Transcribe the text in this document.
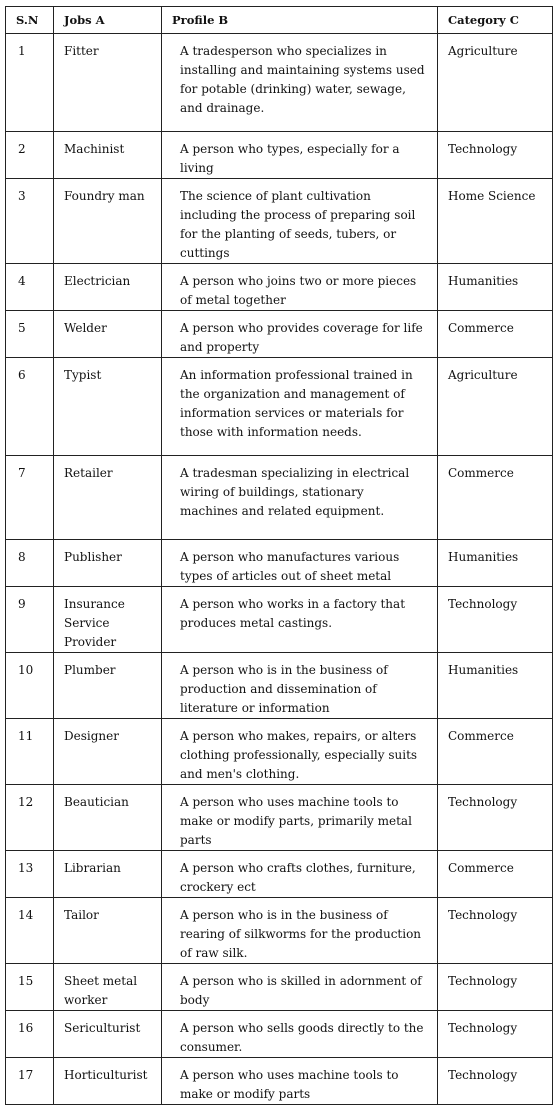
S.N	Jobs A	Profile B	Category C
1	Fitter	A tradesperson who specializes in installing and maintaining systems used for potable (drinking) water, sewage, and drainage.	Agriculture
2	Machinist	A person who types, especially for a living	Technology
3	Foundry man	The science of plant cultivation including the process of preparing soil for the planting of seeds, tubers, or cuttings	Home Science
4	Electrician	A person who joins two or more pieces of metal together	Humanities
5	Welder	A person who provides coverage for life and property	Commerce
6	Typist	An information professional trained in the organization and management of information services or materials for those with information needs.	Agriculture
7	Retailer	A tradesman specializing in electrical wiring of buildings, stationary machines and related equipment.	Commerce
8	Publisher	A person who manufactures various types of articles out of sheet metal	Humanities
9	Insurance Service Provider	A person who works in a factory that produces metal castings.	Technology
10	Plumber	A person who is in the business of production and dissemination of literature or information	Humanities
11	Designer	A person who makes, repairs, or alters clothing professionally, especially suits and men's clothing.	Commerce
12	Beautician	A person who uses machine tools to make or modify parts, primarily metal parts	Technology
13	Librarian	A person who crafts clothes, furniture, crockery ect	Commerce
14	Tailor	A person who is in the business of rearing of silkworms for the production of raw silk.	Technology
15	Sheet metal worker	A person who is skilled in adornment of body	Technology
16	Sericulturist	A person who sells goods directly to the consumer.	Technology
17	Horticulturist	A person who uses machine tools to make or modify parts	Technology
